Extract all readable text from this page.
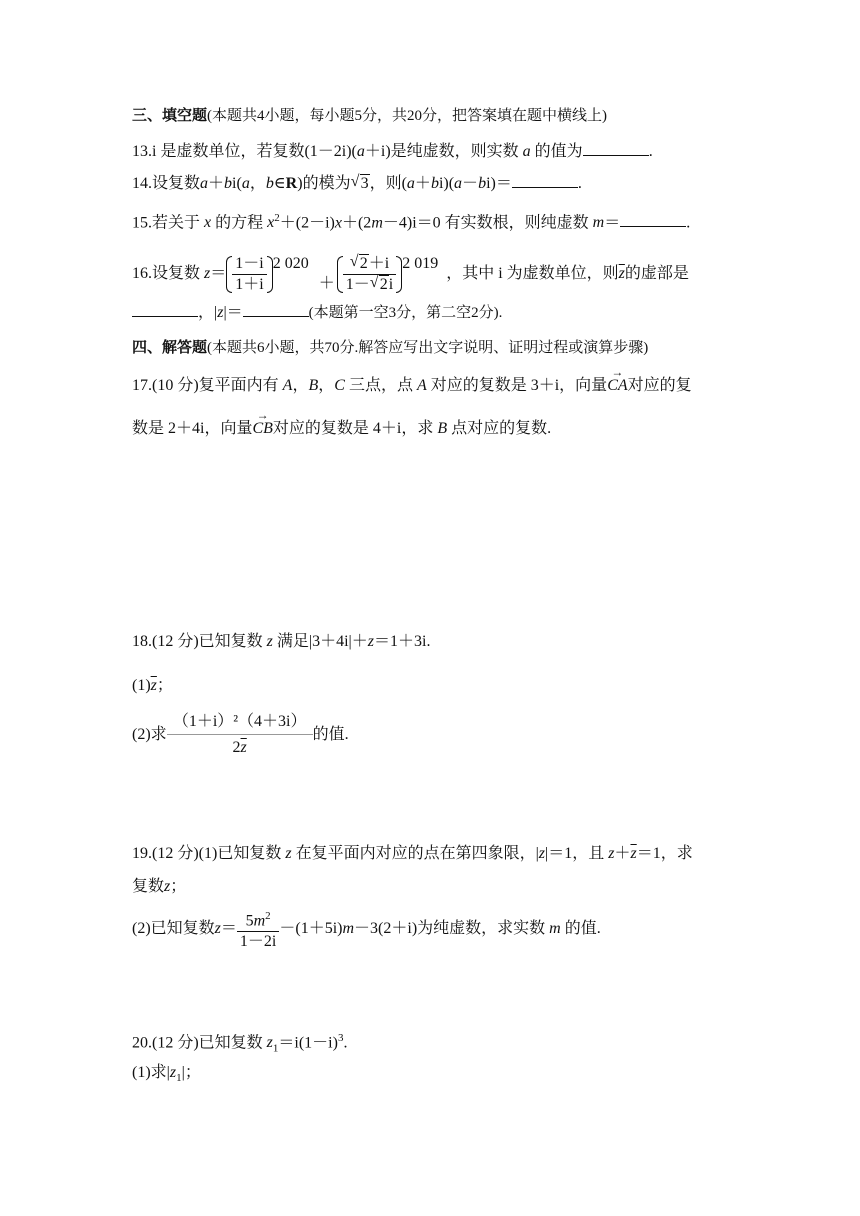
三、填空题(本题共4小题，每小题5分，共20分，把答案填在题中横线上)
13.i 是虚数单位，若复数(1－2i)(a＋i)是纯虚数，则实数 a 的值为	.
14.设复数a＋bi(a，b∈R)的模为 √ 3，则(a＋bi)(a－bi)＝	.
15.若关于 x 的方程 $x^2+(2-i)x+(2m-4)i=0$ 有实数根，则纯虚数 m＝	.
16.设复数 $z= \frac{1-i}{1+i} 2$ 020＋ √ $\frac{2+i}{1- √ 2i} 2$ 019，其中 i 为虚数单位，则$\overline{z}$的虚部是
，|z|＝	(本题第一空3分，第二空2分).
四、解答题(本题共6小题，共70分.解答应写出文字说明、证明过程或演算步骤)
17.(10 分)复平面内有 A，B，C 三点，点 A 对应的复数是 3＋i，向量→ CA对应的复
数是 2＋4i，向量→ CB对应的复数是 4＋i，求 B 点对应的复数.
18.(12 分)已知复数 z 满足|3＋4i|＋z＝1＋3i.
$(1)\overline{z}$；
(2)求 $\frac{\text{（1＋i）²（4＋3i）}}{2\overline{z}}$ 的值.
19.(12 分)(1)已知复数 z 在复平面内对应的点在第四象限，|z|＝1，且 $z+\overline{z}=1$，求
复数z；
(2)已知复数$z= \frac{5m^2}{1-2i} -(1+5i)m-3(2+i)$为纯虚数，求实数 m 的值.
20.(12 分)已知复数 $z_1=i(1-i)^3$.
(1)求$|z_1|$；
